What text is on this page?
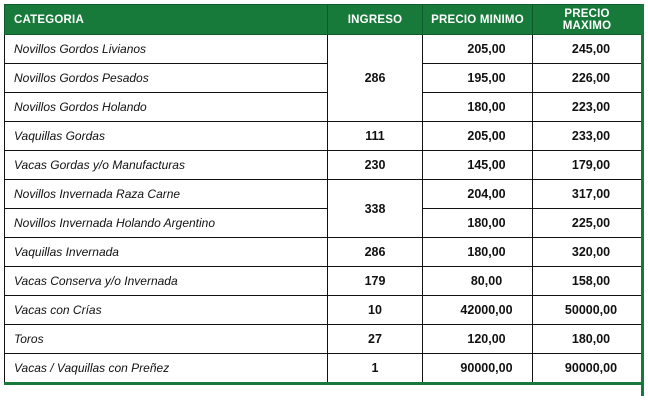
CATEGORIA	INGRESO	PRECIO MINIMO	PRECIO MAXIMO
Novillos Gordos Livianos	286	205,00	245,00
Novillos Gordos Pesados		195,00	226,00
Novillos Gordos Holando		180,00	223,00
Vaquillas Gordas	111	205,00	233,00
Vacas Gordas y/o Manufacturas	230	145,00	179,00
Novillos Invernada Raza Carne	338	204,00	317,00
Novillos Invernada Holando Argentino		180,00	225,00
Vaquillas Invernada	286	180,00	320,00
Vacas Conserva y/o Invernada	179	80,00	158,00
Vacas con Crías	10	42000,00	50000,00
Toros	27	120,00	180,00
Vacas / Vaquillas con Preñez	1	90000,00	90000,00
